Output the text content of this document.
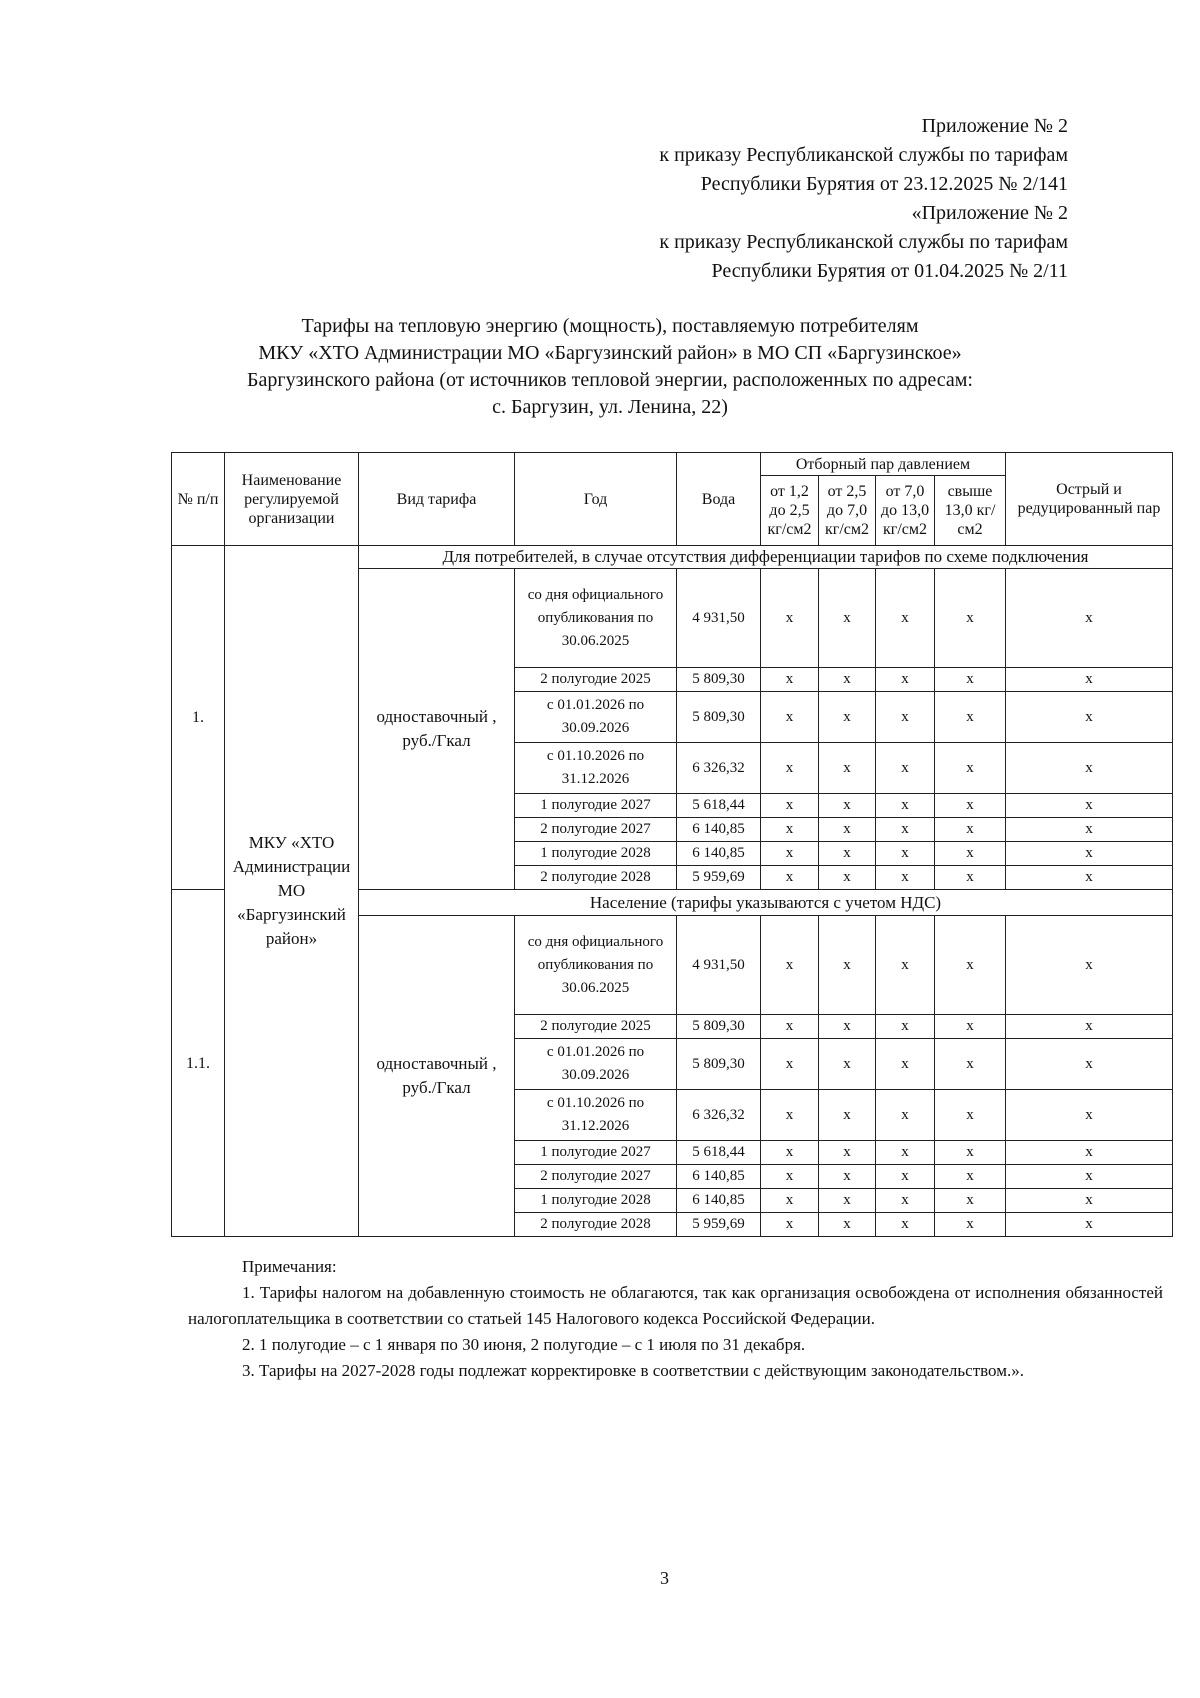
Приложение № 2
к приказу Республиканской службы по тарифам
Республики Бурятия от 23.12.2025 № 2/141
«Приложение № 2
к приказу Республиканской службы по тарифам
Республики Бурятия от 01.04.2025 № 2/11
Тарифы на тепловую энергию (мощность), поставляемую потребителям
МКУ «ХТО Администрации МО «Баргузинский район» в МО СП «Баргузинское»
Баргузинского района (от источников тепловой энергии, расположенных по адресам:
с. Баргузин, ул. Ленина, 22)
№ п/п	Наименование регулируемой организации	Вид тарифа	Год	Вода	Отборный пар давлением				Острый и редуцированный пар
					от 1,2 до 2,5 кг/см2	от 2,5 до 7,0 кг/см2	от 7,0 до 13,0 кг/см2	свыше 13,0 кг/см2	
1.	МКУ «ХТО Администрации МО «Баргузинский район»	Для потребителей, в случае отсутствия дифференциации тарифов по схеме подключения							
		одноставочный , руб./Гкал	со дня официального опубликования по 30.06.2025	4 931,50	x	x	x	x	x
			2 полугодие 2025	5 809,30	x	x	x	x	x
			с 01.01.2026 по 30.09.2026	5 809,30	x	x	x	x	x
			с 01.10.2026 по 31.12.2026	6 326,32	x	x	x	x	x
			1 полугодие 2027	5 618,44	x	x	x	x	x
			2 полугодие 2027	6 140,85	x	x	x	x	x
			1 полугодие 2028	6 140,85	x	x	x	x	x
			2 полугодие 2028	5 959,69	x	x	x	x	x
1.1.		Население (тарифы указываются с учетом НДС)							
		одноставочный , руб./Гкал	со дня официального опубликования по 30.06.2025	4 931,50	x	x	x	x	x
			2 полугодие 2025	5 809,30	x	x	x	x	x
			с 01.01.2026 по 30.09.2026	5 809,30	x	x	x	x	x
			с 01.10.2026 по 31.12.2026	6 326,32	x	x	x	x	x
			1 полугодие 2027	5 618,44	x	x	x	x	x
			2 полугодие 2027	6 140,85	x	x	x	x	x
			1 полугодие 2028	6 140,85	x	x	x	x	x
			2 полугодие 2028	5 959,69	x	x	x	x	x

Примечания:

1. Тарифы налогом на добавленную стоимость не облагаются, так как организация освобождена от исполнения обязанностей налогоплательщика в соответствии со статьей 145 Налогового кодекса Российской Федерации.

2. 1 полугодие – с 1 января по 30 июня, 2 полугодие – с 1 июля по 31 декабря.

3. Тарифы на 2027-2028 годы подлежат корректировке в соответствии с действующим законодательством.».

3
